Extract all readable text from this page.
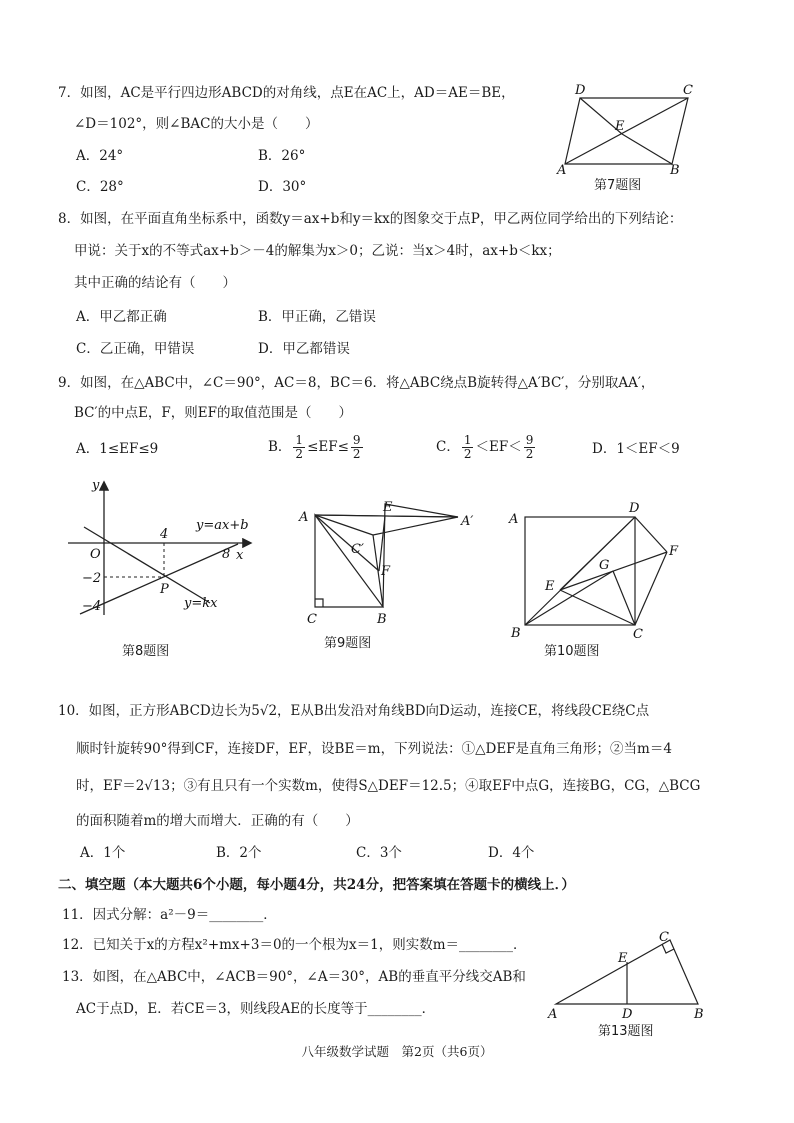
7．如图，AC是平行四边形ABCD的对角线，点E在AC上，AD＝AE＝BE，
∠D＝102°，则∠BAC的大小是（　　）
A．24°	B．26°
C．28°	D．30°
D	C
E
A	B
第7题图
8．如图，在平面直角坐标系中，函数y＝ax+b和y＝kx的图象交于点P，甲乙两位同学给出的下列结论：
甲说：关于x的不等式ax+b＞－4的解集为x＞0；乙说：当x＞4时，ax+b＜kx；
其中正确的结论有（　　）
A．甲乙都正确	B．甲正确，乙错误
C．乙正确，甲错误	D．甲乙都错误
9．如图，在△ABC中，∠C＝90°，AC＝8，BC＝6．将△ABC绕点B旋转得△A′BC′，分别取AA′，
BC′的中点E，F，则EF的取值范围是（　　）
A．1≤EF≤9	B． $\frac{1}{2} \le EF\le \frac{9}{2}$	C． $\frac{1}{2} <EF< \frac{9}{2}$	D．1＜EF＜9
y
x
O
4
8
−2
−4
P
y=ax+b
y=kx
第8题图
A
E
A′
C′
F
C	B
第9题图
A
D
F
G
E
B	C
第10题图
10．如图，正方形ABCD边长为5√2，E从B出发沿对角线BD向D运动，连接CE，将线段CE绕C点
顺时针旋转90°得到CF，连接DF，EF，设BE＝m，下列说法：①△DEF是直角三角形；②当m＝4
时，EF＝2√13；③有且只有一个实数m，使得S△DEF＝12.5；④取EF中点G，连接BG，CG，△BCG
的面积随着m的增大而增大．正确的有（　　）
A．1个	B．2个	C．3个	D．4个
二、填空题（本大题共6个小题，每小题4分，共24分，把答案填在答题卡的横线上．）
11．因式分解：a²－9＝________．
12．已知关于x的方程x²+mx+3＝0的一个根为x＝1，则实数m＝________．
13．如图，在△ABC中，∠ACB＝90°，∠A＝30°，AB的垂直平分线交AB和
AC于点D，E．若CE＝3，则线段AE的长度等于________．
C
E
A	D	B
第13题图
八年级数学试题　第2页（共6页）
